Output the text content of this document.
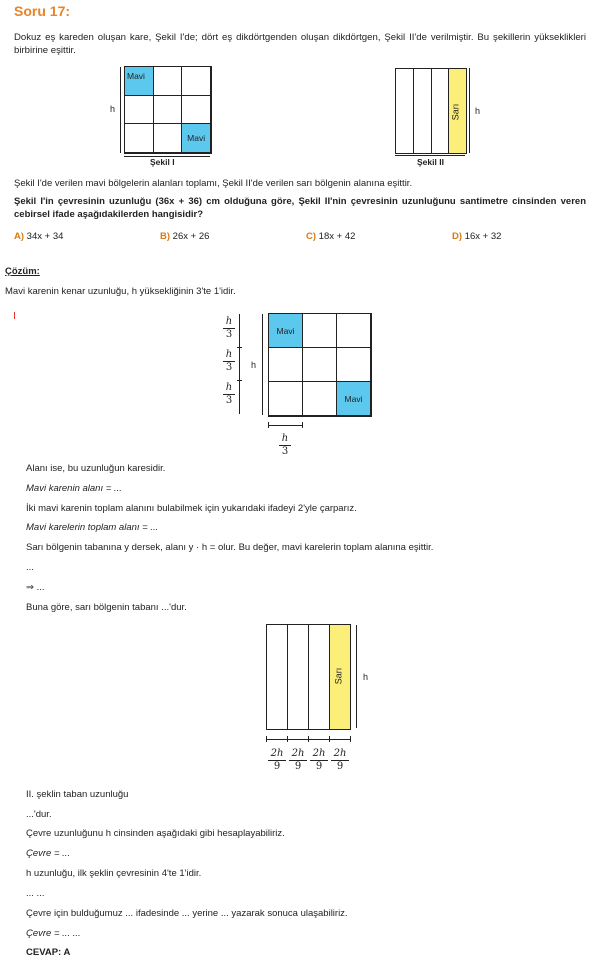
Soru 17:
Dokuz eş kareden oluşan kare, Şekil I'de; dört eş dikdörtgenden oluşan dikdörtgen, Şekil II'de verilmiştir. Bu şekillerin yükseklikleri birbirine eşittir.
h
Mavi
Mavi
Şekil I
Sarı h
Şekil II
Şekil I'de verilen mavi bölgelerin alanları toplamı, Şekil II'de verilen sarı bölgenin alanına eşittir.
Şekil I'in çevresinin uzunluğu (36x + 36) cm olduğuna göre, Şekil II'nin çevresinin uzunluğunu santimetre cinsinden veren cebirsel ifade aşağıdakilerden hangisidir?
A) 34x + 34	B) 26x + 26	C) 18x + 42	D) 16x + 32
Çözüm:
Mavi karenin kenar uzunluğu, h yüksekliğinin 3'te 1'idir.
h
3
h
3
h
3
h
Mavi
Mavi
h
3
Alanı ise, bu uzunluğun karesidir.
Mavi karenin alanı = ...
İki mavi karenin toplam alanını bulabilmek için yukarıdaki ifadeyi 2'yle çarparız.
Mavi karelerin toplam alanı = ...
Sarı bölgenin tabanına y dersek, alanı y · h = olur. Bu değer, mavi karelerin toplam alanına eşittir.
...
⇒ ...
Buna göre, sarı bölgenin tabanı ...'dur.
Sarı h
2h
9
2h
9
2h
9
2h
9
II. şeklin taban uzunluğu
...'dur.
Çevre uzunluğunu h cinsinden aşağıdaki gibi hesaplayabiliriz.
Çevre = ...
h uzunluğu, ilk şeklin çevresinin 4'te 1'idir.
... ...
Çevre için bulduğumuz ... ifadesinde ... yerine ... yazarak sonuca ulaşabiliriz.
Çevre = ... ...
CEVAP: A
